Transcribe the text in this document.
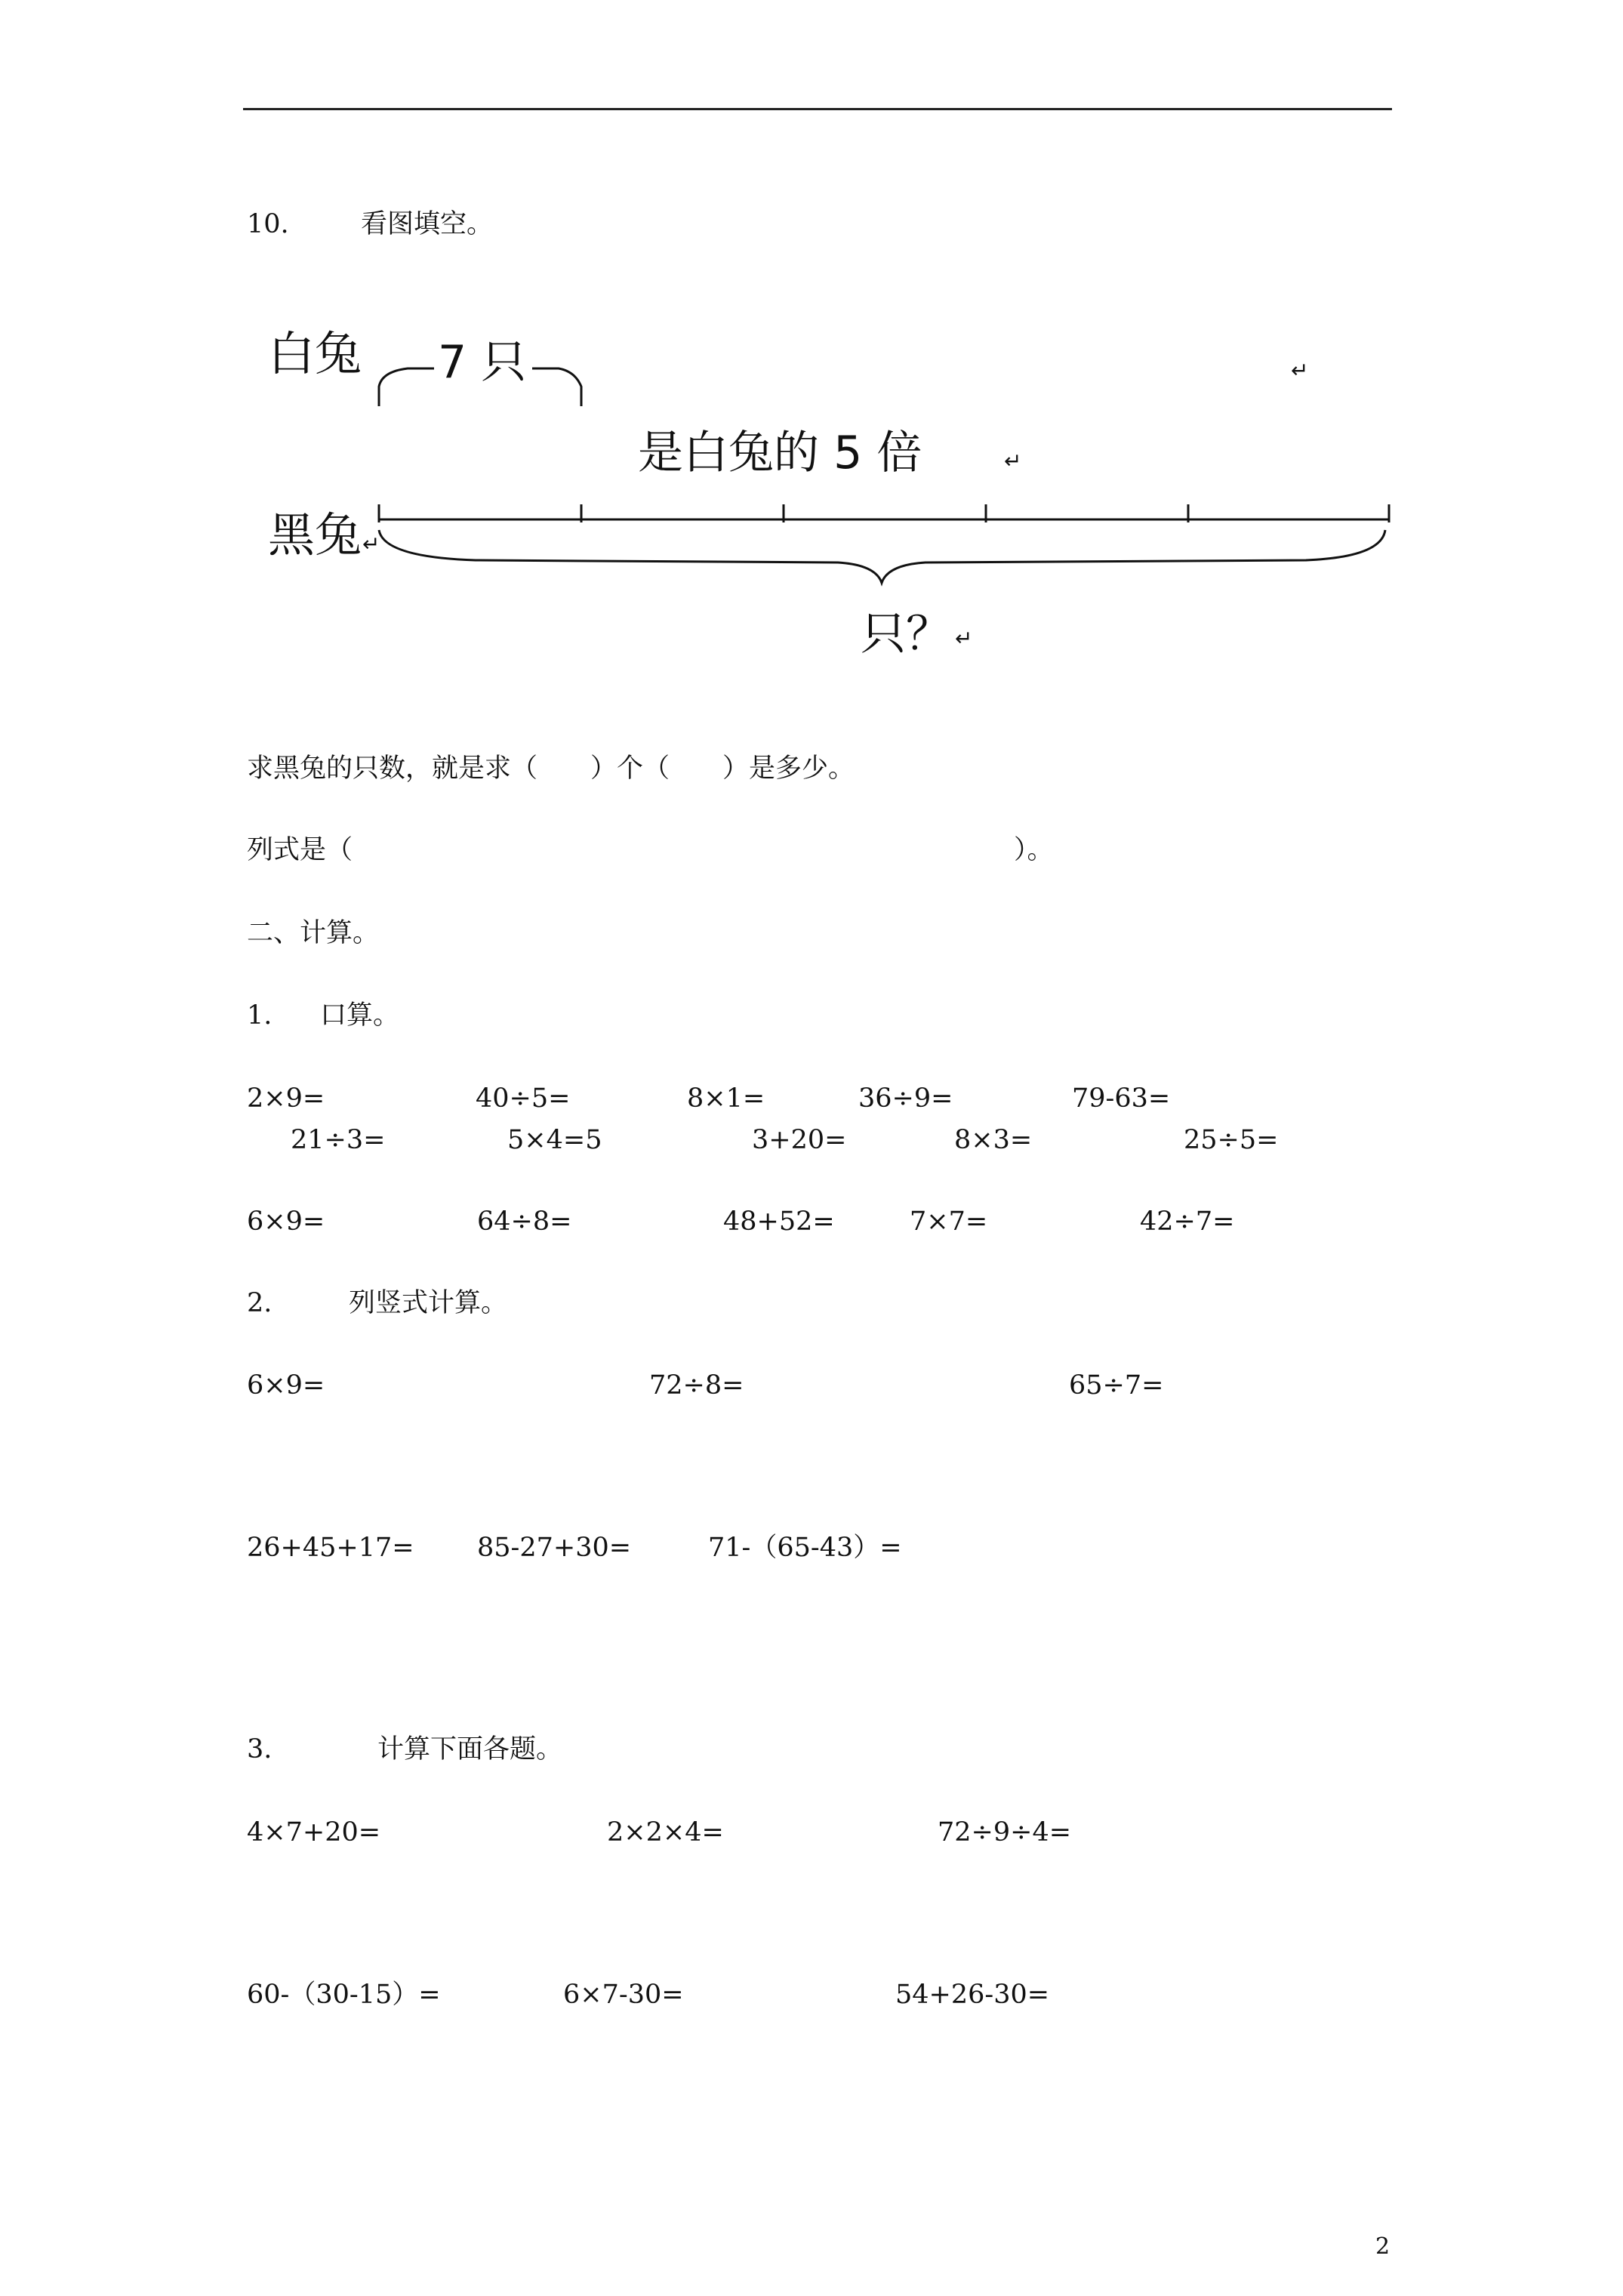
10.	看图填空。
白兔 7 只
是白兔的 5 倍
↵
↵
黑兔 ↵
只？ ↵
求黑兔的只数，就是求（　　）个（　　）是多少。
列式是（	）。
二、计算。
1. 口算。
2×9=	40÷5=	8×1=	36÷9=	79-63=
21÷3=	5×4=5	3+20=	8×3=	25÷5=
6×9=	64÷8=	48+52=	7×7=	42÷7=
2.	列竖式计算。
6×9=	72÷8=	65÷7=
26+45+17= 85-27+30=	71-（65-43）=
3.	计算下面各题。
4×7+20=	2×2×4=	72÷9÷4=
60-（30-15）=	6×7-30=	54+26-30=
2
